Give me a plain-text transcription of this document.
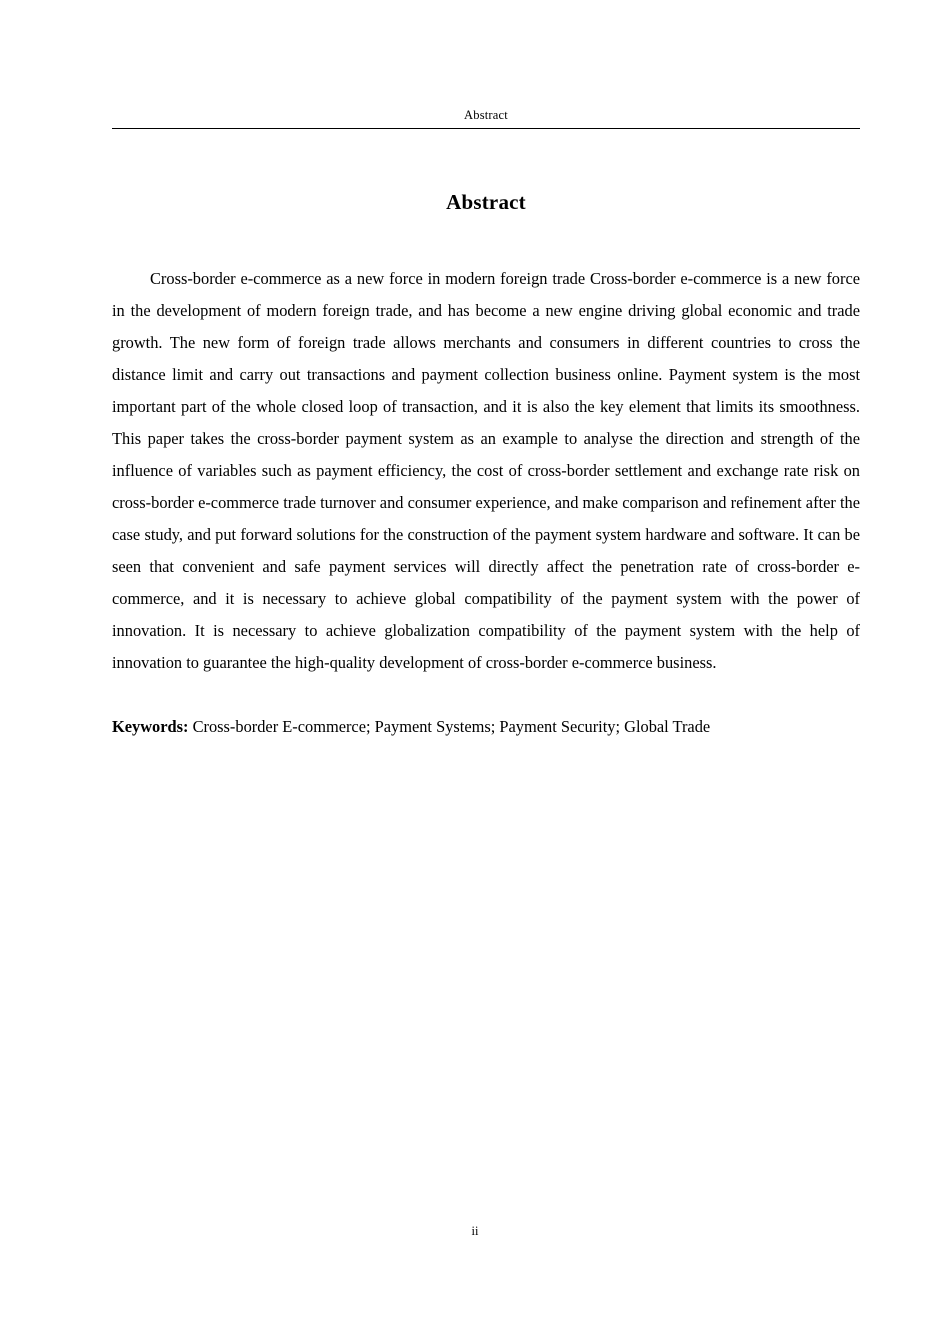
Abstract
Abstract

Cross-border e-commerce as a new force in modern foreign trade Cross-border e-commerce is a new force in the development of modern foreign trade, and has become a new engine driving global economic and trade growth. The new form of foreign trade allows merchants and consumers in different countries to cross the distance limit and carry out transactions and payment collection business online. Payment system is the most important part of the whole closed loop of transaction, and it is also the key element that limits its smoothness. This paper takes the cross-border payment system as an example to analyse the direction and strength of the influence of variables such as payment efficiency, the cost of cross-border settlement and exchange rate risk on cross-border e-commerce trade turnover and consumer experience, and make comparison and refinement after the case study, and put forward solutions for the construction of the payment system hardware and software. It can be seen that convenient and safe payment services will directly affect the penetration rate of cross-border e-commerce, and it is necessary to achieve global compatibility of the payment system with the power of innovation. It is necessary to achieve globalization compatibility of the payment system with the help of innovation to guarantee the high-quality development of cross-border e-commerce business.

Keywords: Cross-border E-commerce; Payment Systems; Payment Security; Global Trade

ii
